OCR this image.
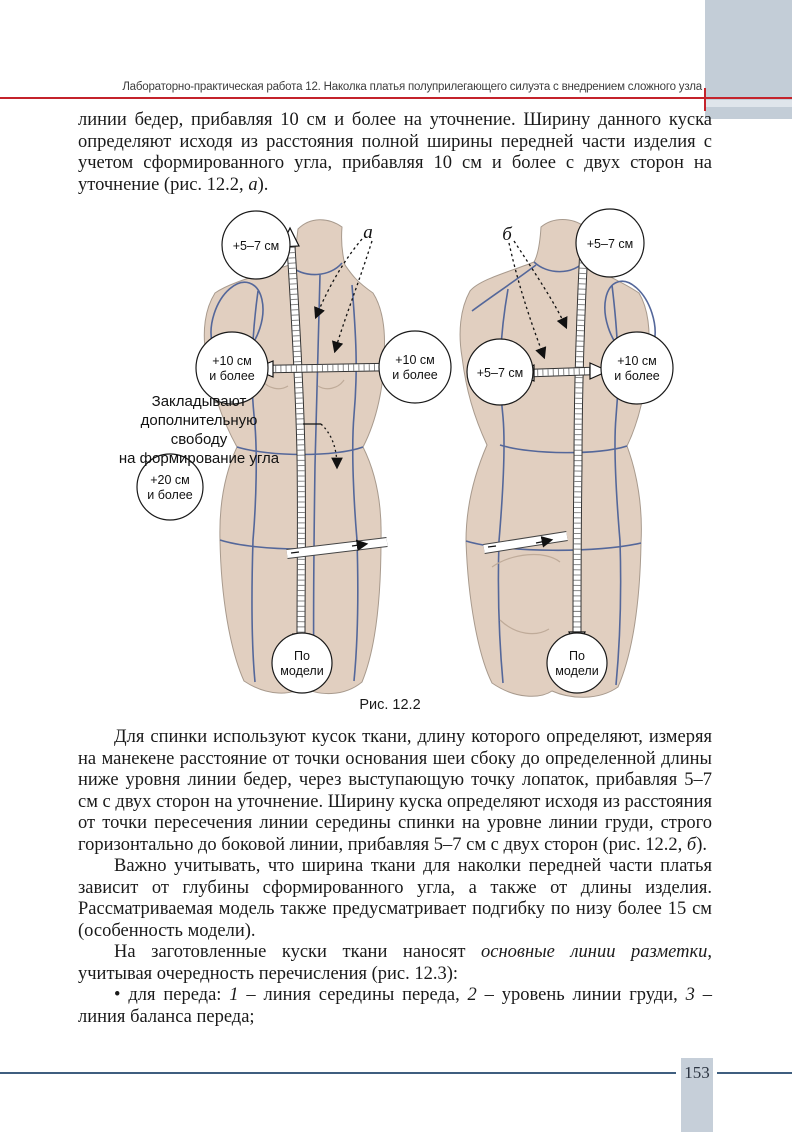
Лабораторно-практическая работа 12. Наколка платья полуприлегающего силуэта с внедрением сложного узла
линии бедер, прибавляя 10 см и более на уточнение. Ширину данного куска определяют исходя из расстояния полной ширины передней части изделия с учетом сформированного угла, прибавляя 10 см и более с двух сторон на уточнение (рис. 12.2, а).
+5–7 см
+10 см
и более
+10 см
и более
+20 см
и более
По
модели
Закладывают
дополнительную
свободу
на формирование угла
а
+5–7 см
+5–7 см
+10 см
и более
По
модели
б
Рис. 12.2

Для спинки используют кусок ткани, длину которого определяют, измеряя на манекене расстояние от точки основания шеи сбоку до определенной длины ниже уровня линии бедер, через выступающую точку лопаток, прибавляя 5–7 см с двух сторон на уточнение. Ширину куска определяют исходя из расстояния от точки пересечения линии середины спинки на уровне линии груди, строго горизонтально до боковой линии, прибавляя 5–7 см с двух сторон (рис. 12.2, б).

Важно учитывать, что ширина ткани для наколки передней части платья зависит от глубины сформированного угла, а также от длины изделия. Рассматриваемая модель также предусматривает подгибку по низу более 15 см (особенность модели).

На заготовленные куски ткани наносят основные линии разметки, учитывая очередность перечисления (рис. 12.3):

• для переда: 1 – линия середины переда, 2 – уровень линии груди, 3 – линия баланса переда;

153
